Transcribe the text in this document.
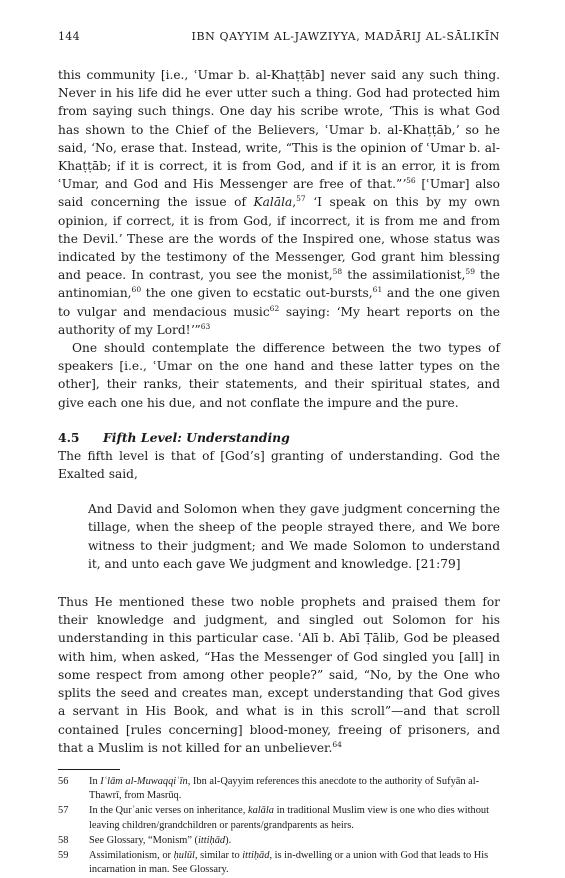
144	IBN QAYYIM AL-JAWZIYYA, MADĀRIJ AL-SĀLIKĪN

this community [i.e., ʿUmar b. al-Khaṭṭāb] never said any such thing. Never in his life did he ever utter such a thing. God had protected him from saying such things. One day his scribe wrote, ʻThis is what God has shown to the Chief of the Believers, ʿUmar b. al-Khaṭṭāb,ʼ so he said, ʻNo, erase that. Instead, write, “This is the opinion of ʿUmar b. al-Khaṭṭāb; if it is correct, it is from God, and if it is an error, it is from ʿUmar, and God and His Messenger are free of that.”ʼ$^{56}$ [ʿUmar] also said concerning the issue of Kalāla,$^{57}$ ʻI speak on this by my own opinion, if correct, it is from God, if incorrect, it is from me and from the Devil.ʼ These are the words of the Inspired one, whose status was indicated by the testimony of the Messenger, God grant him blessing and peace. In contrast, you see the monist,$^{58}$ the assimilationist,$^{59}$ the antinomian,$^{60}$ the one given to ecstatic out-bursts,$^{61}$ and the one given to vulgar and mendacious music$^{62}$ saying: ʻMy heart reports on the authority of my Lord!ʼ”$^{63}$

One should contemplate the difference between the two types of speakers [i.e., ʿUmar on the one hand and these latter types on the other], their ranks, their statements, and their spiritual states, and give each one his due, and not conflate the impure and the pure.

4.5 Fifth Level: Understanding
The fifth level is that of [God’s] granting of understanding. God the Exalted said,
And David and Solomon when they gave judgment concerning the tillage, when the sheep of the people strayed there, and We bore witness to their judgment; and We made Solomon to understand it, and unto each gave We judgment and knowledge. [21:79]
Thus He mentioned these two noble prophets and praised them for their knowledge and judgment, and singled out Solomon for his understanding in this particular case. ʿAlī b. Abī Ṭālib, God be pleased with him, when asked, “Has the Messenger of God singled you [all] in some respect from among other people?” said, “No, by the One who splits the seed and creates man, except understanding that God gives a servant in His Book, and what is in this scroll”—and that scroll contained [rules concerning] blood-money, freeing of prisoners, and that a Muslim is not killed for an unbeliever.$^{64}$
56	In Iʿlām al-Muwaqqiʿīn, Ibn al-Qayyim references this anecdote to the authority of Sufyān al-Thawrī, from Masrūq.
57	In the Qurʾanic verses on inheritance, kalāla in traditional Muslim view is one who dies without leaving children/grandchildren or parents/grandparents as heirs.
58	See Glossary, “Monism” (ittiḥād).
59	Assimilationism, or ḥulūl, similar to ittiḥād, is in-dwelling or a union with God that leads to His incarnation in man. See Glossary.
